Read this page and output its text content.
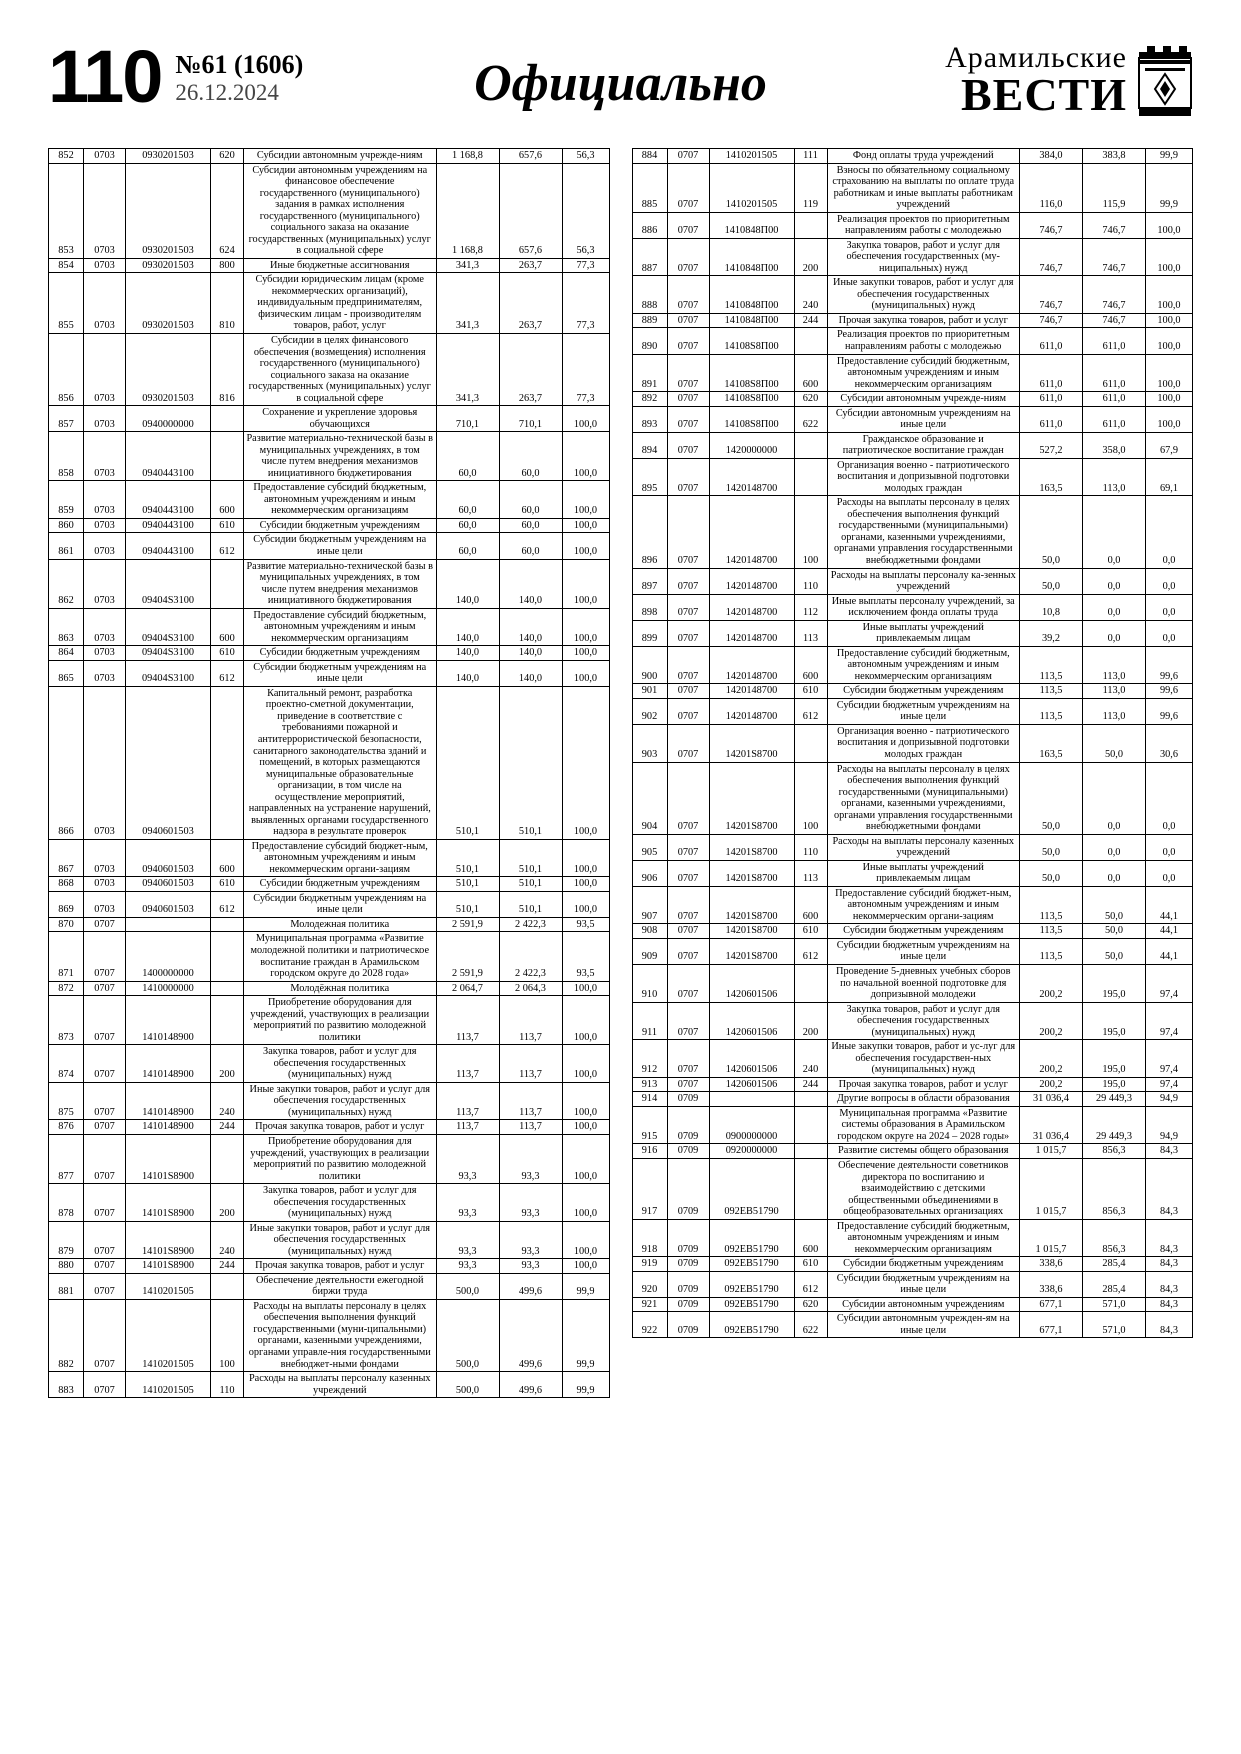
110 №61 (1606)
26.12.2024	Официально	Арамильские
ВЕСТИ
852	0703	0930201503	620	Субсидии автономным учрежде-ниям	1 168,8	657,6	56,3
853	0703	0930201503	624	Субсидии автономным учреждениям на финансовое обеспечение государственного (муниципального) задания в рамках исполнения государственного (муниципального) социального заказа на оказание государственных (муниципальных) услуг в социальной сфере	1 168,8	657,6	56,3
854	0703	0930201503	800	Иные бюджетные ассигнования	341,3	263,7	77,3
855	0703	0930201503	810	Субсидии юридическим лицам (кроме некоммерческих организаций), индивидуальным предпринимателям, физическим лицам - производителям товаров, работ, услуг	341,3	263,7	77,3
856	0703	0930201503	816	Субсидии в целях финансового обеспечения (возмещения) исполнения государственного (муниципального) социального заказа на оказание государственных (муниципальных) услуг в социальной сфере	341,3	263,7	77,3
857	0703	0940000000		Сохранение и укрепление здоровья обучающихся	710,1	710,1	100,0
858	0703	0940443100		Развитие материально-технической базы в муниципальных учреждениях, в том числе путем внедрения механизмов инициативного бюджетирования	60,0	60,0	100,0
859	0703	0940443100	600	Предоставление субсидий бюджетным, автономным учреждениям и иным некоммерческим организациям	60,0	60,0	100,0
860	0703	0940443100	610	Субсидии бюджетным учреждениям	60,0	60,0	100,0
861	0703	0940443100	612	Субсидии бюджетным учреждениям на иные цели	60,0	60,0	100,0
862	0703	09404S3100		Развитие материально-технической базы в муниципальных учреждениях, в том числе путем внедрения механизмов инициативного бюджетирования	140,0	140,0	100,0
863	0703	09404S3100	600	Предоставление субсидий бюджетным, автономным учреждениям и иным некоммерческим организациям	140,0	140,0	100,0
864	0703	09404S3100	610	Субсидии бюджетным учреждениям	140,0	140,0	100,0
865	0703	09404S3100	612	Субсидии бюджетным учреждениям на иные цели	140,0	140,0	100,0
866	0703	0940601503		Капитальный ремонт, разработка проектно-сметной документации, приведение в соответствие с требованиями пожарной и антитеррористической безопасности, санитарного законодательства зданий и помещений, в которых размещаются муниципальные образовательные организации, в том числе на осуществление мероприятий, направленных на устранение нарушений, выявленных органами государственного надзора в результате проверок	510,1	510,1	100,0
867	0703	0940601503	600	Предоставление субсидий бюджет-ным, автономным учреждениям и иным некоммерческим органи-зациям	510,1	510,1	100,0
868	0703	0940601503	610	Субсидии бюджетным учреждениям	510,1	510,1	100,0
869	0703	0940601503	612	Субсидии бюджетным учреждениям на иные цели	510,1	510,1	100,0
870	0707			Молодежная политика	2 591,9	2 422,3	93,5
871	0707	1400000000		Муниципальная программа «Развитие молодежной политики и патриотическое воспитание граждан в Арамильском городском округе до 2028 года»	2 591,9	2 422,3	93,5
872	0707	1410000000		Молодёжная политика	2 064,7	2 064,3	100,0
873	0707	1410148900		Приобретение оборудования для учреждений, участвующих в реализации мероприятий по развитию молодежной политики	113,7	113,7	100,0
874	0707	1410148900	200	Закупка товаров, работ и услуг для обеспечения государственных (муниципальных) нужд	113,7	113,7	100,0
875	0707	1410148900	240	Иные закупки товаров, работ и услуг для обеспечения государственных (муниципальных) нужд	113,7	113,7	100,0
876	0707	1410148900	244	Прочая закупка товаров, работ и услуг	113,7	113,7	100,0
877	0707	14101S8900		Приобретение оборудования для учреждений, участвующих в реализации мероприятий по развитию молодежной политики	93,3	93,3	100,0
878	0707	14101S8900	200	Закупка товаров, работ и услуг для обеспечения государственных (муниципальных) нужд	93,3	93,3	100,0
879	0707	14101S8900	240	Иные закупки товаров, работ и услуг для обеспечения государственных (муниципальных) нужд	93,3	93,3	100,0
880	0707	14101S8900	244	Прочая закупка товаров, работ и услуг	93,3	93,3	100,0
881	0707	1410201505		Обеспечение деятельности ежегодной биржи труда	500,0	499,6	99,9
882	0707	1410201505	100	Расходы на выплаты персоналу в целях обеспечения выполнения функций государственными (муни-ципальными) органами, казенными учреждениями, органами управле-ния государственными внебюджет-ными фондами	500,0	499,6	99,9
883	0707	1410201505	110	Расходы на выплаты персоналу казенных учреждений	500,0	499,6	99,9
884	0707	1410201505	111	Фонд оплаты труда учреждений	384,0	383,8	99,9
885	0707	1410201505	119	Взносы по обязательному социальному страхованию на выплаты по оплате труда работникам и иные выплаты работникам учреждений	116,0	115,9	99,9
886	0707	1410848П00		Реализация проектов по приоритетным направлениям работы с молодежью	746,7	746,7	100,0
887	0707	1410848П00	200	Закупка товаров, работ и услуг для обеспечения государственных (му-ниципальных) нужд	746,7	746,7	100,0
888	0707	1410848П00	240	Иные закупки товаров, работ и услуг для обеспечения государственных (муниципальных) нужд	746,7	746,7	100,0
889	0707	1410848П00	244	Прочая закупка товаров, работ и услуг	746,7	746,7	100,0
890	0707	14108S8П00		Реализация проектов по приоритетным направлениям работы с молодежью	611,0	611,0	100,0
891	0707	14108S8П00	600	Предоставление субсидий бюджетным, автономным учреждениям и иным некоммерческим организациям	611,0	611,0	100,0
892	0707	14108S8П00	620	Субсидии автономным учрежде-ниям	611,0	611,0	100,0
893	0707	14108S8П00	622	Субсидии автономным учреждениям на иные цели	611,0	611,0	100,0
894	0707	1420000000		Гражданское образование и патриотическое воспитание граждан	527,2	358,0	67,9
895	0707	1420148700		Организация военно - патриотического воспитания и допризывной подготовки молодых граждан	163,5	113,0	69,1
896	0707	1420148700	100	Расходы на выплаты персоналу в целях обеспечения выполнения функций государственными (муниципальными) органами, казенными учреждениями, органами управления государственными внебюджетными фондами	50,0	0,0	0,0
897	0707	1420148700	110	Расходы на выплаты персоналу ка-зенных учреждений	50,0	0,0	0,0
898	0707	1420148700	112	Иные выплаты персоналу учреждений, за исключением фонда оплаты труда	10,8	0,0	0,0
899	0707	1420148700	113	Иные выплаты учреждений привлекаемым лицам	39,2	0,0	0,0
900	0707	1420148700	600	Предоставление субсидий бюджетным, автономным учреждениям и иным некоммерческим организациям	113,5	113,0	99,6
901	0707	1420148700	610	Субсидии бюджетным учреждениям	113,5	113,0	99,6
902	0707	1420148700	612	Субсидии бюджетным учреждениям на иные цели	113,5	113,0	99,6
903	0707	14201S8700		Организация военно - патриотического воспитания и допризывной подготовки молодых граждан	163,5	50,0	30,6
904	0707	14201S8700	100	Расходы на выплаты персоналу в целях обеспечения выполнения функций государственными (муниципальными) органами, казенными учреждениями, органами управления государственными внебюджетными фондами	50,0	0,0	0,0
905	0707	14201S8700	110	Расходы на выплаты персоналу казенных учреждений	50,0	0,0	0,0
906	0707	14201S8700	113	Иные выплаты учреждений привлекаемым лицам	50,0	0,0	0,0
907	0707	14201S8700	600	Предоставление субсидий бюджет-ным, автономным учреждениям и иным некоммерческим органи-зациям	113,5	50,0	44,1
908	0707	14201S8700	610	Субсидии бюджетным учреждениям	113,5	50,0	44,1
909	0707	14201S8700	612	Субсидии бюджетным учреждениям на иные цели	113,5	50,0	44,1
910	0707	1420601506		Проведение 5-дневных учебных сборов по начальной военной подготовке для допризывной молодежи	200,2	195,0	97,4
911	0707	1420601506	200	Закупка товаров, работ и услуг для обеспечения государственных (муниципальных) нужд	200,2	195,0	97,4
912	0707	1420601506	240	Иные закупки товаров, работ и ус-луг для обеспечения государствен-ных (муниципальных) нужд	200,2	195,0	97,4
913	0707	1420601506	244	Прочая закупка товаров, работ и услуг	200,2	195,0	97,4
914	0709			Другие вопросы в области образования	31 036,4	29 449,3	94,9
915	0709	0900000000		Муниципальная программа «Развитие системы образования в Арамильском городском округе на 2024 – 2028 годы»	31 036,4	29 449,3	94,9
916	0709	0920000000		Развитие системы общего образования	1 015,7	856,3	84,3
917	0709	092ЕВ51790		Обеспечение деятельности советников директора по воспитанию и взаимодействию с детскими общественными объединениями в общеобразовательных организациях	1 015,7	856,3	84,3
918	0709	092ЕВ51790	600	Предоставление субсидий бюджетным, автономным учреждениям и иным некоммерческим организациям	1 015,7	856,3	84,3
919	0709	092ЕВ51790	610	Субсидии бюджетным учреждениям	338,6	285,4	84,3
920	0709	092ЕВ51790	612	Субсидии бюджетным учреждениям на иные цели	338,6	285,4	84,3
921	0709	092ЕВ51790	620	Субсидии автономным учреждениям	677,1	571,0	84,3
922	0709	092ЕВ51790	622	Субсидии автономным учрежден-ям на иные цели	677,1	571,0	84,3
